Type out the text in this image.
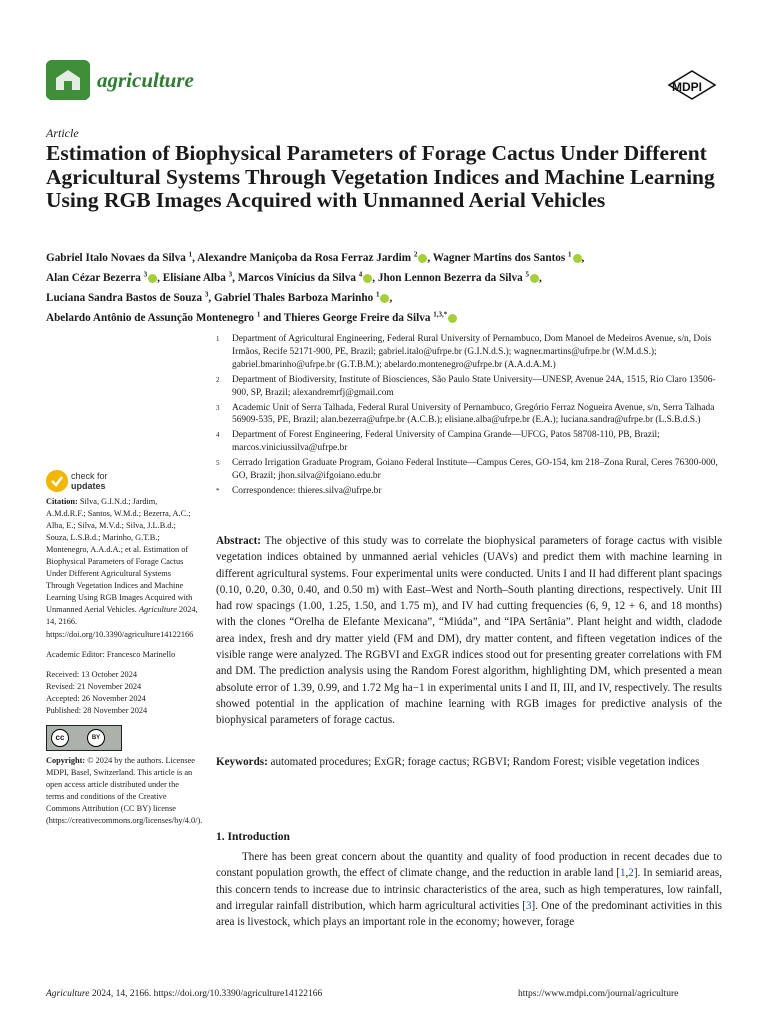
agriculture	MDPI
Article
Estimation of Biophysical Parameters of Forage Cactus Under Different Agricultural Systems Through Vegetation Indices and Machine Learning Using RGB Images Acquired with Unmanned Aerial Vehicles
Gabriel Italo Novaes da Silva $^1$, Alexandre Maniçoba da Rosa Ferraz Jardim $^2$ , Wagner Martins dos Santos $^1$ ,
Alan Cézar Bezerra $^3$ , Elisiane Alba $^3$, Marcos Vinícius da Silva $^4$ , Jhon Lennon Bezerra da Silva $^5$ ,
Luciana Sandra Bastos de Souza $^3$, Gabriel Thales Barboza Marinho $^1$ ,
Abelardo Antônio de Assunção Montenegro $^1$ and Thieres George Freire da Silva $^{1,3,*}$
1	Department of Agricultural Engineering, Federal Rural University of Pernambuco, Dom Manoel de Medeiros Avenue, s/n, Dois Irmãos, Recife 52171-900, PE, Brazil; gabriel.italo@ufrpe.br (G.I.N.d.S.); wagner.martins@ufrpe.br (W.M.d.S.); gabriel.bmarinho@ufrpe.br (G.T.B.M.); abelardo.montenegro@ufrpe.br (A.A.d.A.M.)
2	Department of Biodiversity, Institute of Biosciences, São Paulo State University—UNESP, Avenue 24A, 1515, Rio Claro 13506-900, SP, Brazil; alexandremrfj@gmail.com
3	Academic Unit of Serra Talhada, Federal Rural University of Pernambuco, Gregório Ferraz Nogueira Avenue, s/n, Serra Talhada 56909-535, PE, Brazil; alan.bezerra@ufrpe.br (A.C.B.); elisiane.alba@ufrpe.br (E.A.); luciana.sandra@ufrpe.br (L.S.B.d.S.)
4	Department of Forest Engineering, Federal University of Campina Grande—UFCG, Patos 58708-110, PB, Brazil; marcos.viniciussilva@ufrpe.br
5	Cerrado Irrigation Graduate Program, Goiano Federal Institute—Campus Ceres, GO-154, km 218–Zona Rural, Ceres 76300-000, GO, Brazil; jhon.silva@ifgoiano.edu.br
*	Correspondence: thieres.silva@ufrpe.br
check for
updates

Citation: Silva, G.I.N.d.; Jardim, A.M.d.R.F.; Santos, W.M.d.; Bezerra, A.C.; Alba, E.; Silva, M.V.d.; Silva, J.L.B.d.; Souza, L.S.B.d.; Marinho, G.T.B.; Montenegro, A.A.d.A.; et al. Estimation of Biophysical Parameters of Forage Cactus Under Different Agricultural Systems Through Vegetation Indices and Machine Learning Using RGB Images Acquired with Unmanned Aerial Vehicles. Agriculture 2024, 14, 2166. https://doi.org/10.3390/agriculture14122166

Academic Editor: Francesco Marinello

Received: 13 October 2024
Revised: 21 November 2024
Accepted: 26 November 2024
Published: 28 November 2024
cc	BY

Copyright: © 2024 by the authors. Licensee MDPI, Basel, Switzerland. This article is an open access article distributed under the terms and conditions of the Creative Commons Attribution (CC BY) license (https://creativecommons.org/licenses/by/4.0/).

Abstract: The objective of this study was to correlate the biophysical parameters of forage cactus with visible vegetation indices obtained by unmanned aerial vehicles (UAVs) and predict them with machine learning in different agricultural systems. Four experimental units were conducted. Units I and II had different plant spacings (0.10, 0.20, 0.30, 0.40, and 0.50 m) with East–West and North–South planting directions, respectively. Unit III had row spacings (1.00, 1.25, 1.50, and 1.75 m), and IV had cutting frequencies (6, 9, 12 + 6, and 18 months) with the clones “Orelha de Elefante Mexicana”, “Miúda”, and “IPA Sertânia”. Plant height and width, cladode area index, fresh and dry matter yield (FM and DM), dry matter content, and fifteen vegetation indices of the visible range were analyzed. The RGBVI and ExGR indices stood out for presenting greater correlations with FM and DM. The prediction analysis using the Random Forest algorithm, highlighting DM, which presented a mean absolute error of 1.39, 0.99, and 1.72 Mg ha−1 in experimental units I and II, III, and IV, respectively. The results showed potential in the application of machine learning with RGB images for predictive analysis of the biophysical parameters of forage cactus.
Keywords: automated procedures; ExGR; forage cactus; RGBVI; Random Forest; visible vegetation indices
1. Introduction
There has been great concern about the quantity and quality of food production in recent decades due to constant population growth, the effect of climate change, and the reduction in arable land [1,2]. In semiarid areas, this concern tends to increase due to intrinsic characteristics of the area, such as high temperatures, low rainfall, and irregular rainfall distribution, which harm agricultural activities [3]. One of the predominant activities in this area is livestock, which plays an important role in the economy; however, forage
Agriculture 2024, 14, 2166. https://doi.org/10.3390/agriculture14122166	https://www.mdpi.com/journal/agriculture
